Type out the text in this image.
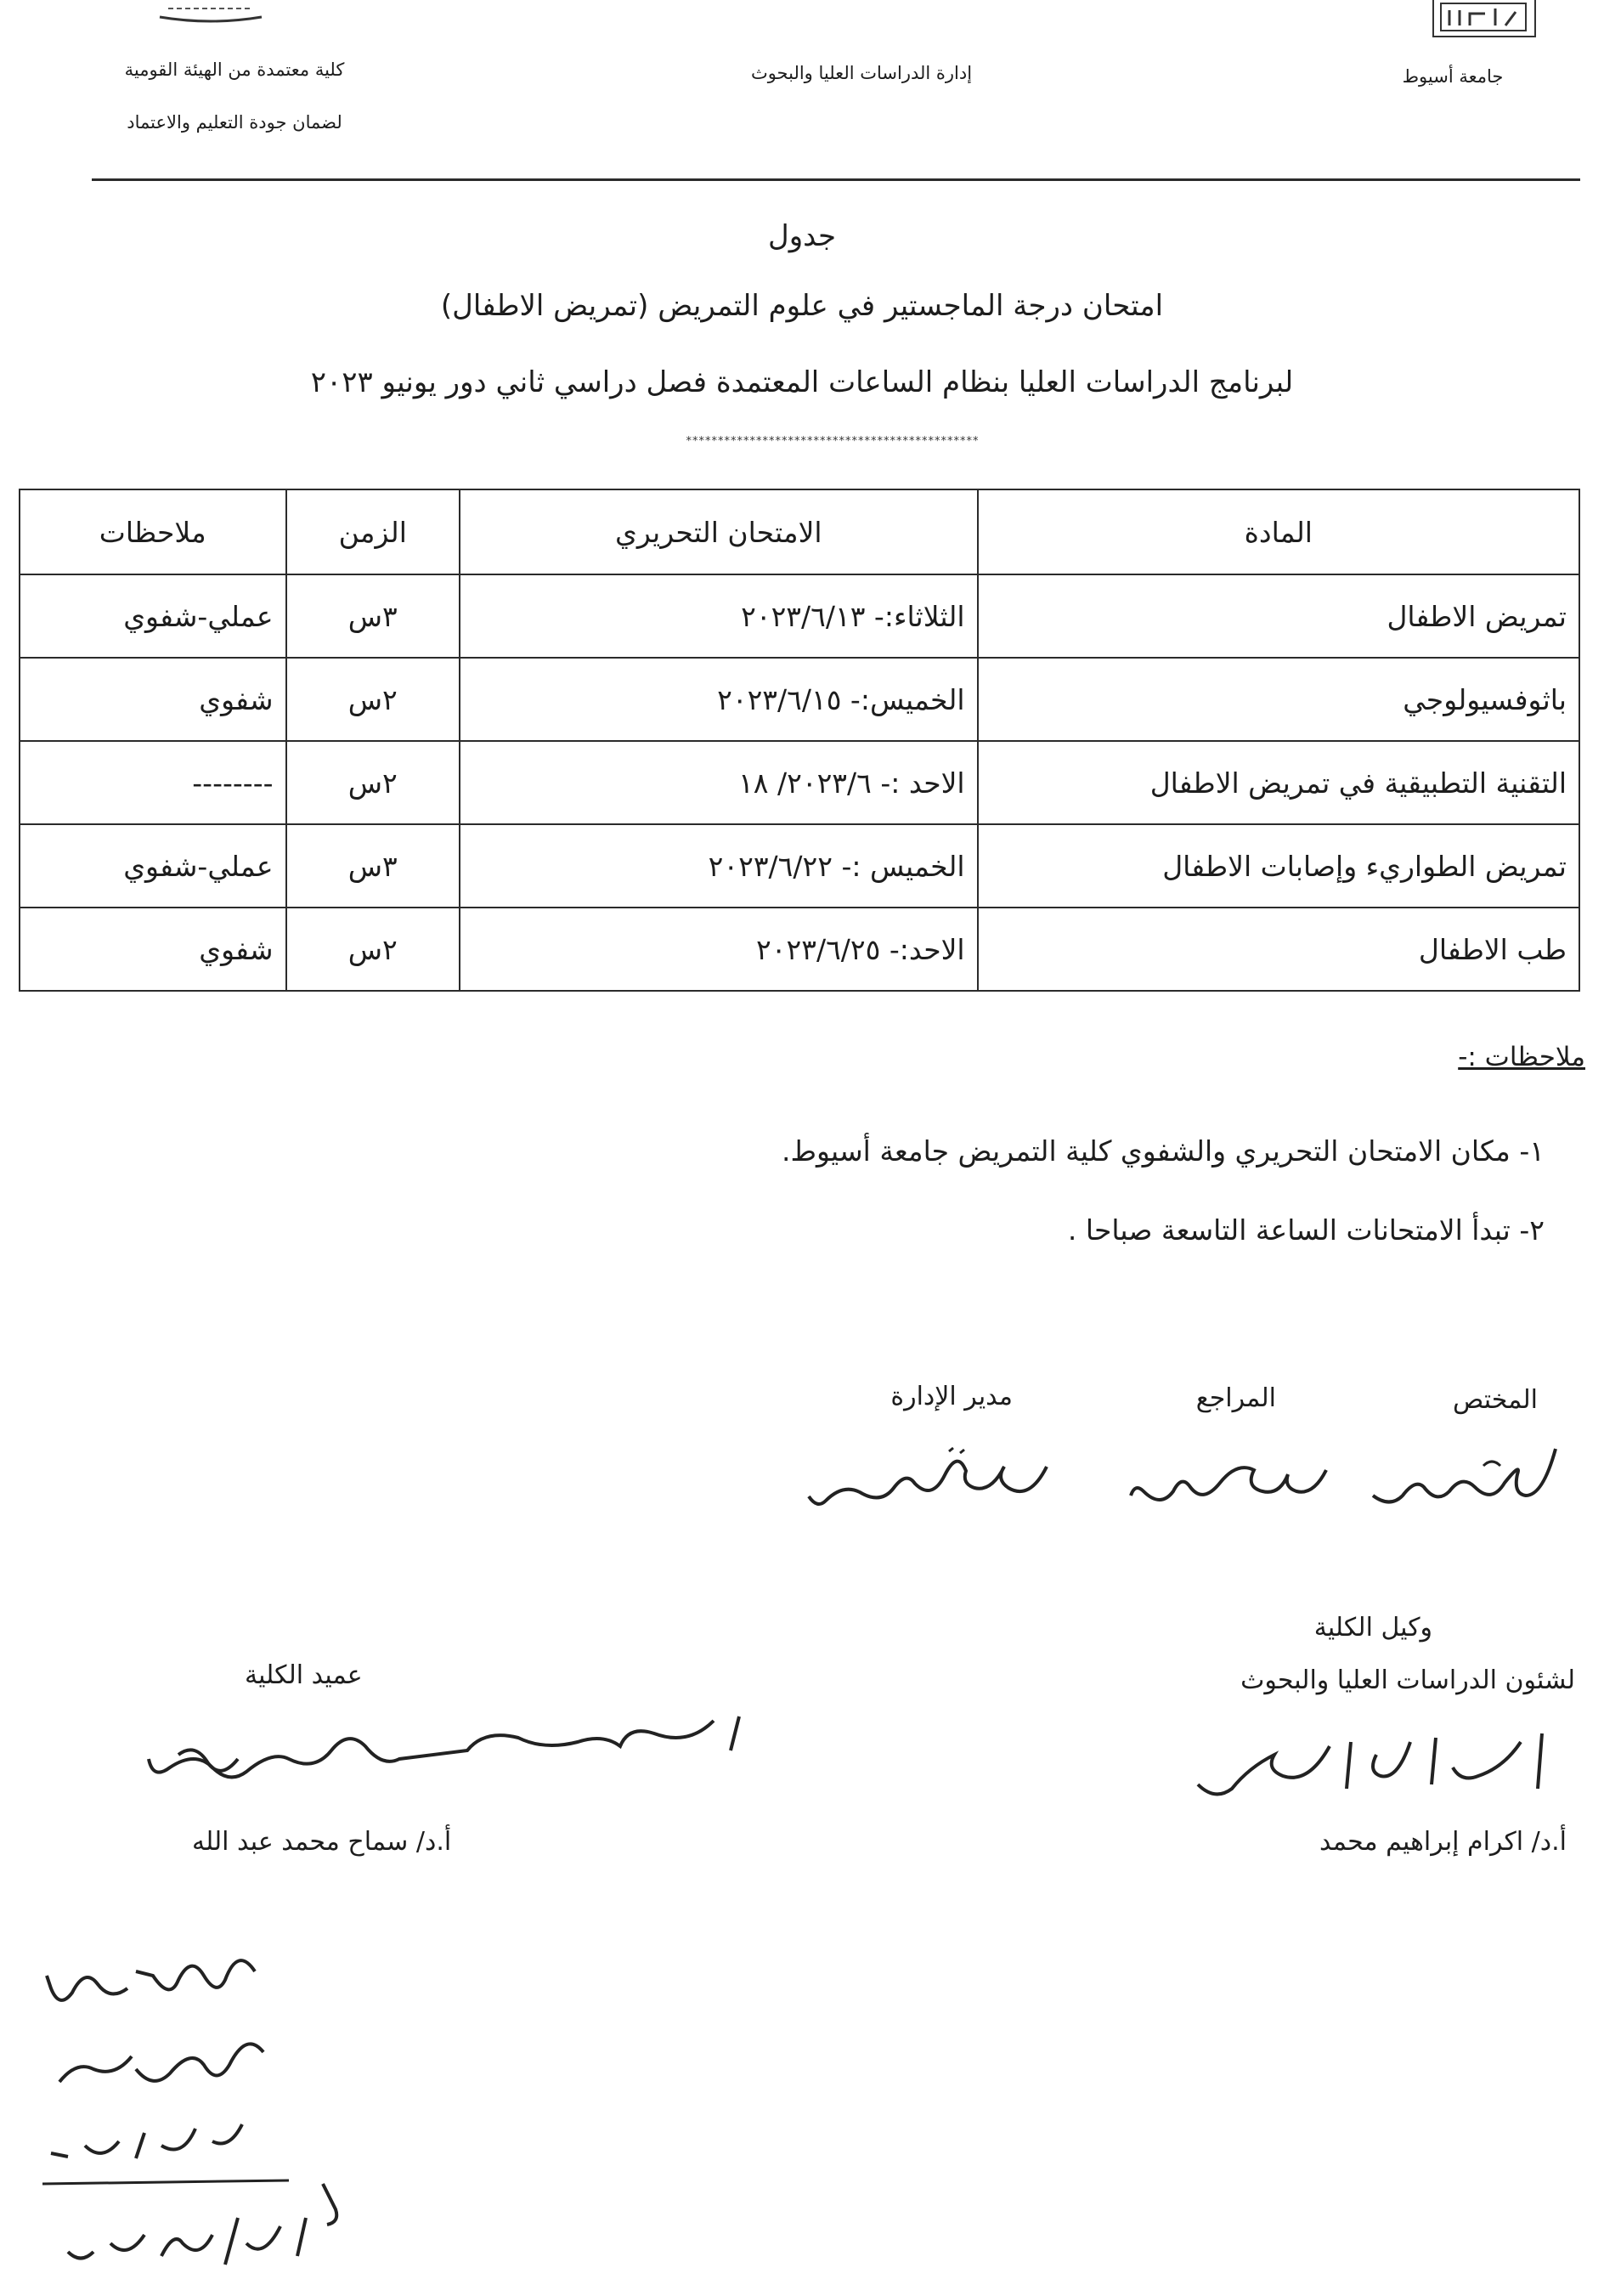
جامعة أسيوط
إدارة الدراسات العليا والبحوث
كلية معتمدة من الهيئة القومية
لضمان جودة التعليم والاعتماد
جدول
امتحان درجة الماجستير في علوم التمريض (تمريض الاطفال)
لبرنامج الدراسات العليا بنظام الساعات المعتمدة فصل دراسي ثاني دور يونيو ٢٠٢٣
**********************************************
المادة	الامتحان التحريري	الزمن	ملاحظات
تمريض الاطفال	الثلاثاء:- ٢٠٢٣/٦/١٣	٣س	عملي-شفوي
باثوفسيولوجي	الخميس:- ٢٠٢٣/٦/١٥	٢س	شفوي
التقنية التطبيقية في تمريض الاطفال	الاحد :- ٢٠٢٣/٦/ ١٨	٢س	--------
تمريض الطواريء وإصابات الاطفال	الخميس :- ٢٠٢٣/٦/٢٢	٣س	عملي-شفوي
طب الاطفال	الاحد:- ٢٠٢٣/٦/٢٥	٢س	شفوي
ملاحظات :-
١- مكان الامتحان التحريري والشفوي كلية التمريض جامعة أسيوط.
٢- تبدأ الامتحانات الساعة التاسعة صباحا .
المختص
المراجع
مدير الإدارة
وكيل الكلية
لشئون الدراسات العليا والبحوث
أ.د/ اكرام إبراهيم محمد
عميد الكلية
أ.د/ سماح محمد عبد الله
